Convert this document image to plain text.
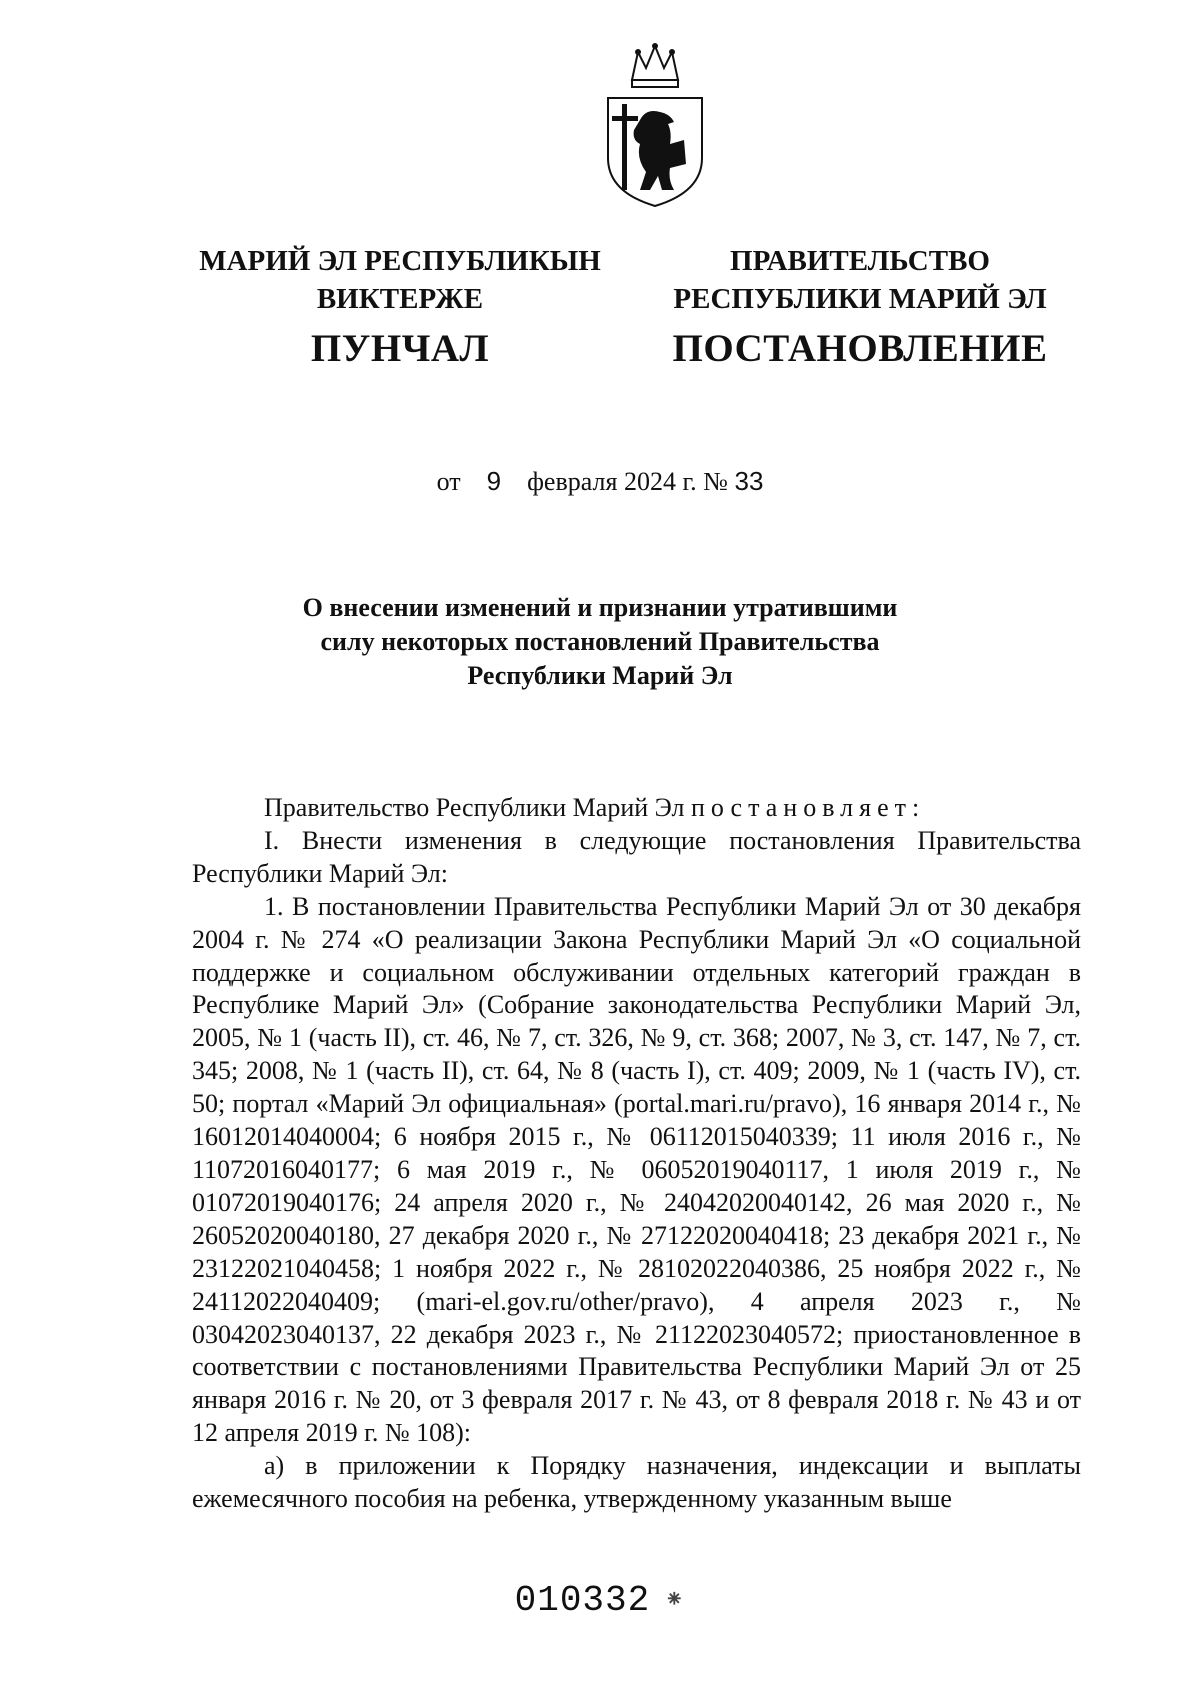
МАРИЙ ЭЛ РЕСПУБЛИКЫН
ВИКТЕРЖЕ
ПУНЧАЛ
ПРАВИТЕЛЬСТВО
РЕСПУБЛИКИ МАРИЙ ЭЛ
ПОСТАНОВЛЕНИЕ
от 9 февраля 2024 г. № 33
О внесении изменений и признании утратившими
силу некоторых постановлений Правительства
Республики Марий Эл

Правительство Республики Марий Эл постановляет:

I. Внести изменения в следующие постановления Правительства Республики Марий Эл:

1. В постановлении Правительства Республики Марий Эл от 30 декабря 2004 г. № 274 «О реализации Закона Республики Марий Эл «О социальной поддержке и социальном обслуживании отдельных категорий граждан в Республике Марий Эл» (Собрание законодательства Республики Марий Эл, 2005, № 1 (часть II), ст. 46, № 7, ст. 326, № 9, ст. 368; 2007, № 3, ст. 147, № 7, ст. 345; 2008, № 1 (часть II), ст. 64, № 8 (часть I), ст. 409; 2009, № 1 (часть IV), ст. 50; портал «Марий Эл официальная» (portal.mari.ru/pravo), 16 января 2014 г., № 16012014040004; 6 ноября 2015 г., № 06112015040339; 11 июля 2016 г., № 11072016040177; 6 мая 2019 г., № 06052019040117, 1 июля 2019 г., № 01072019040176; 24 апреля 2020 г., № 24042020040142, 26 мая 2020 г., № 26052020040180, 27 декабря 2020 г., № 27122020040418; 23 декабря 2021 г., № 23122021040458; 1 ноября 2022 г., № 28102022040386, 25 ноября 2022 г., № 24112022040409; (mari-el.gov.ru/other/pravo), 4 апреля 2023 г., № 03042023040137, 22 декабря 2023 г., № 21122023040572; приостановленное в соответствии с постановлениями Правительства Республики Марий Эл от 25 января 2016 г. № 20, от 3 февраля 2017 г. № 43, от 8 февраля 2018 г. № 43 и от 12 апреля 2019 г. № 108):

а) в приложении к Порядку назначения, индексации и выплаты ежемесячного пособия на ребенка, утвержденному указанным выше

010332 ⁕
